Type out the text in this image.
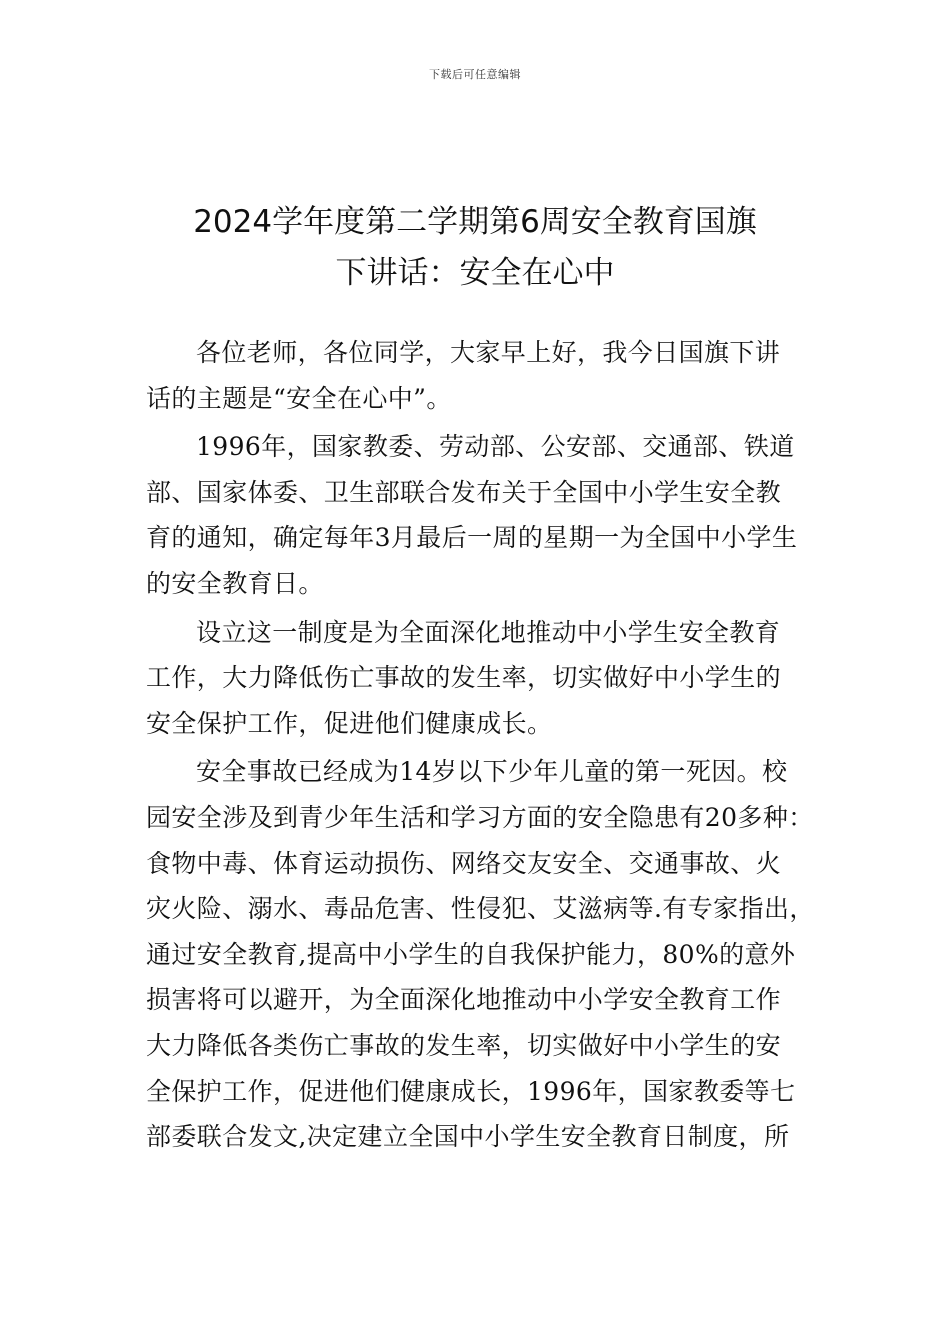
下载后可任意编辑
2024学年度第二学期第6周安全教育国旗
下讲话：安全在心中

各位老师，各位同学，大家早上好，我今日国旗下讲
话的主题是“安全在心中”。

1996年，国家教委、劳动部、公安部、交通部、铁道
部、国家体委、卫生部联合发布关于全国中小学生安全教
育的通知，确定每年3月最后一周的星期一为全国中小学生
的安全教育日。

设立这一制度是为全面深化地推动中小学生安全教育
工作，大力降低伤亡事故的发生率，切实做好中小学生的
安全保护工作，促进他们健康成长。

安全事故已经成为14岁以下少年儿童的第一死因。校
园安全涉及到青少年生活和学习方面的安全隐患有20多种：
食物中毒、体育运动损伤、网络交友安全、交通事故、火
灾火险、溺水、毒品危害、性侵犯、艾滋病等.有专家指出，
通过安全教育,提高中小学生的自我保护能力，80%的意外
损害将可以避开，为全面深化地推动中小学安全教育工作
大力降低各类伤亡事故的发生率，切实做好中小学生的安
全保护工作，促进他们健康成长，1996年，国家教委等七
部委联合发文,决定建立全国中小学生安全教育日制度，所
